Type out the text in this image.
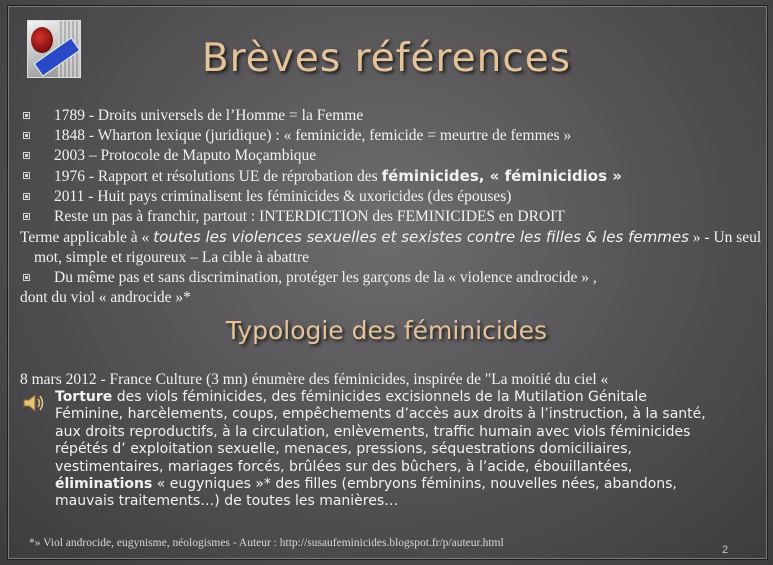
Brèves références
1789 - Droits universels de l’Homme = la Femme
1848 - Wharton lexique (juridique) : « feminicide, femicide = meurtre de femmes »
2003 – Protocole de Maputo Moçambique
1976 - Rapport et résolutions UE de réprobation des féminicides, « féminicidios »
2011 - Huit pays criminalisent les féminicides & uxoricides (des épouses)
Reste un pas à franchir, partout : INTERDICTION des FEMINICIDES en DROIT
Terme applicable à « toutes les violences sexuelles et sexistes contre les filles & les femmes » - Un seul
mot, simple et rigoureux – La cible à abattre
Du même pas et sans discrimination, protéger les garçons de la « violence androcide » ,
dont du viol « androcide »*
Typologie des féminicides
8 mars 2012 - France Culture (3 mn) énumère des féminicides, inspirée de "La moitié du ciel «
Torture des viols féminicides, des féminicides excisionnels de la Mutilation Génitale
Féminine, harcèlements, coups, empêchements d’accès aux droits à l’instruction, à la santé,
aux droits reproductifs, à la circulation, enlèvements, traffic humain avec viols féminicides
répétés d’ exploitation sexuelle, menaces, pressions, séquestrations domiciliaires,
vestimentaires, mariages forcés, brûlées sur des bûchers, à l’acide, ébouillantées,
éliminations « eugyniques »* des filles (embryons féminins, nouvelles nées, abandons,
mauvais traitements…) de toutes les manières…
*» Viol androcide, eugynisme, néologismes - Auteur : http://susaufeminicides.blogspot.fr/p/auteur.html
2
